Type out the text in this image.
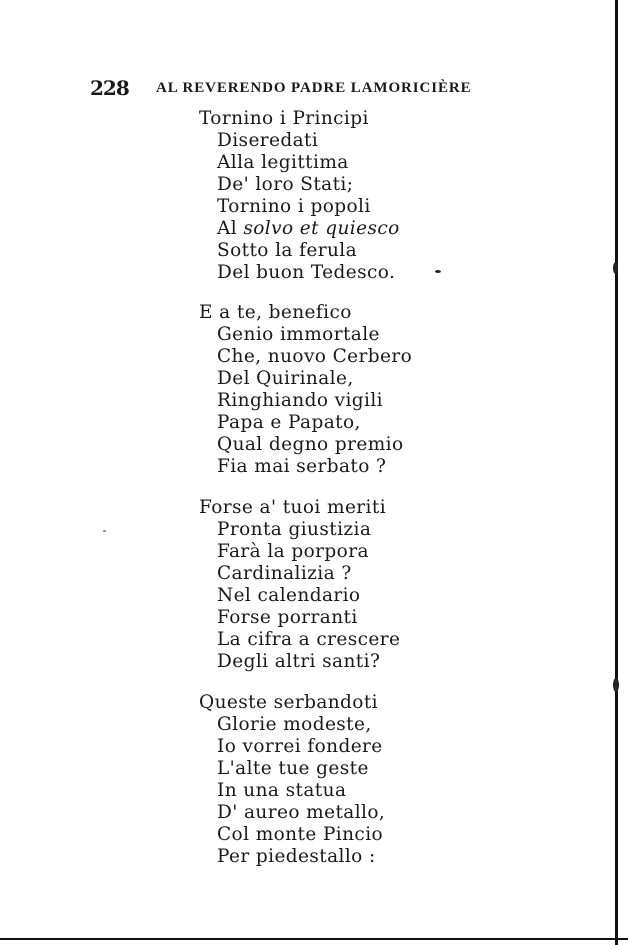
228 AL REVERENDO PADRE LAMORICIÈRE
Tornino i Principi
Diseredati
Alla legittima
De' loro Stati;
Tornino i popoli
Al solvo et quiesco
Sotto la ferula
Del buon Tedesco.
E a te, benefico
Genio immortale
Che, nuovo Cerbero
Del Quirinale,
Ringhiando vigili
Papa e Papato,
Qual degno premio
Fia mai serbato ?
Forse a' tuoi meriti
Pronta giustizia
Farà la porpora
Cardinalizia ?
Nel calendario
Forse porranti
La cifra a crescere
Degli altri santi?
Queste serbandoti
Glorie modeste,
Io vorrei fondere
L'alte tue geste
In una statua
D' aureo metallo,
Col monte Pincio
Per piedestallo :
